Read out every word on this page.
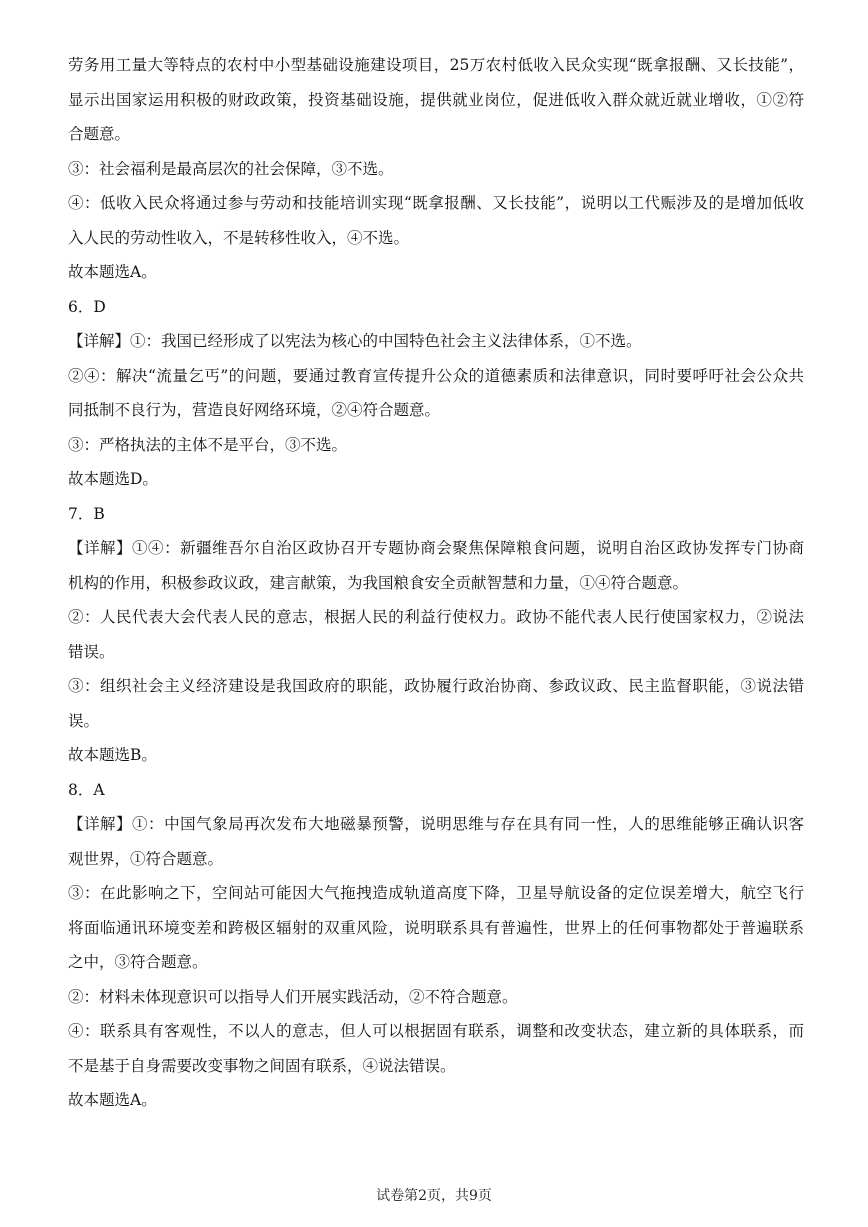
劳务用工量大等特点的农村中小型基础设施建设项目，25万农村低收入民众实现“既拿报酬、又长技能”，
显示出国家运用积极的财政政策，投资基础设施，提供就业岗位，促进低收入群众就近就业增收，①②符
合题意。
③：社会福利是最高层次的社会保障，③不选。
④：低收入民众将通过参与劳动和技能培训实现“既拿报酬、又长技能”，说明以工代赈涉及的是增加低收
入人民的劳动性收入，不是转移性收入，④不选。
故本题选A。
6．D
【详解】①：我国已经形成了以宪法为核心的中国特色社会主义法律体系，①不选。
②④：解决“流量乞丐”的问题，要通过教育宣传提升公众的道德素质和法律意识，同时要呼吁社会公众共
同抵制不良行为，营造良好网络环境，②④符合题意。
③：严格执法的主体不是平台，③不选。
故本题选D。
7．B
【详解】①④：新疆维吾尔自治区政协召开专题协商会聚焦保障粮食问题，说明自治区政协发挥专门协商
机构的作用，积极参政议政，建言献策，为我国粮食安全贡献智慧和力量，①④符合题意。
②：人民代表大会代表人民的意志，根据人民的利益行使权力。政协不能代表人民行使国家权力，②说法
错误。
③：组织社会主义经济建设是我国政府的职能，政协履行政治协商、参政议政、民主监督职能，③说法错
误。
故本题选B。
8．A
【详解】①：中国气象局再次发布大地磁暴预警，说明思维与存在具有同一性，人的思维能够正确认识客
观世界，①符合题意。
③：在此影响之下，空间站可能因大气拖拽造成轨道高度下降，卫星导航设备的定位误差增大，航空飞行
将面临通讯环境变差和跨极区辐射的双重风险，说明联系具有普遍性，世界上的任何事物都处于普遍联系
之中，③符合题意。
②：材料未体现意识可以指导人们开展实践活动，②不符合题意。
④：联系具有客观性，不以人的意志，但人可以根据固有联系，调整和改变状态，建立新的具体联系，而
不是基于自身需要改变事物之间固有联系，④说法错误。
故本题选A。
试卷第2页，共9页
